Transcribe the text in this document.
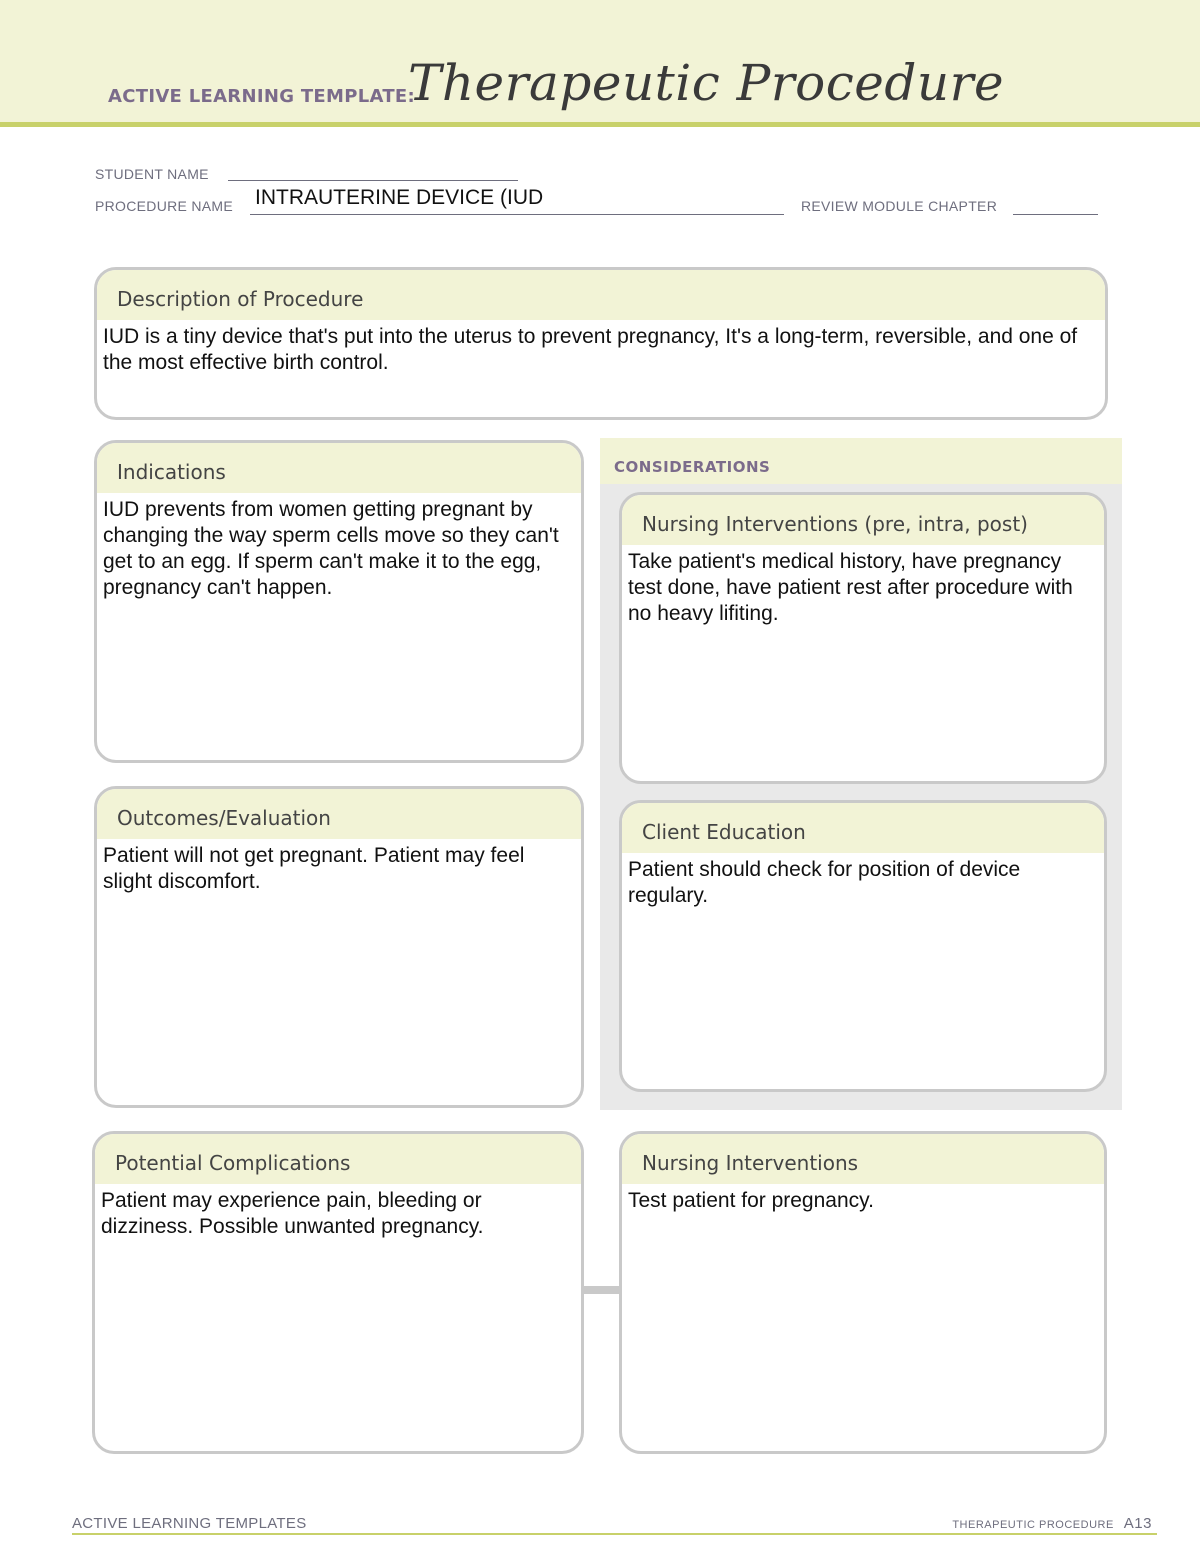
ACTIVE LEARNING TEMPLATE:
Therapeutic Procedure
STUDENT NAME
PROCEDURE NAME INTRAUTERINE DEVICE (IUD	REVIEW MODULE CHAPTER
Description of Procedure
IUD is a tiny device that's put into the uterus to prevent pregnancy, It's a long-term, reversible, and one of the most effective birth control.
CONSIDERATIONS
Indications
IUD prevents from women getting pregnant by changing the way sperm cells move so they can't get to an egg. If sperm can't make it to the egg, pregnancy can't happen.
Nursing Interventions (pre, intra, post)
Take patient's medical history, have pregnancy test done, have patient rest after procedure with no heavy lifiting.
Outcomes/Evaluation
Patient will not get pregnant. Patient may feel slight discomfort.
Client Education
Patient should check for position of device regulary.
Potential Complications
Patient may experience pain, bleeding or dizziness. Possible unwanted pregnancy.
Nursing Interventions
Test patient for pregnancy.
ACTIVE LEARNING TEMPLATES	THERAPEUTIC PROCEDURE A13
